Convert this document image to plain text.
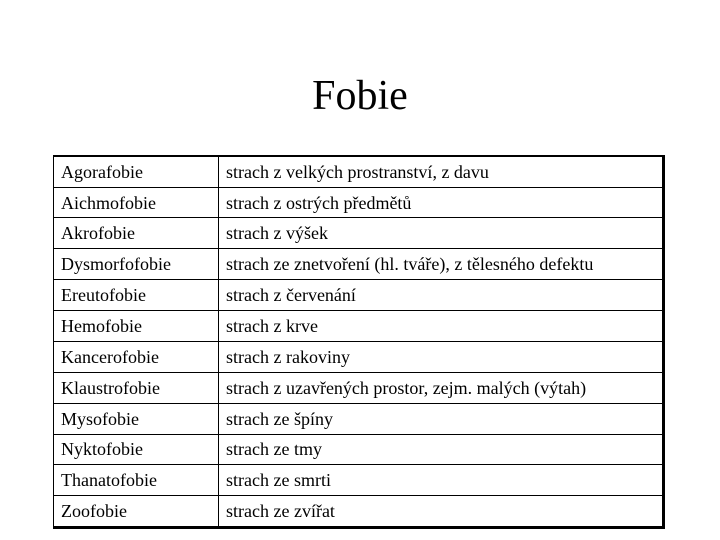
Fobie
Agorafobie	strach z velkých prostranství, z davu
Aichmofobie	strach z ostrých předmětů
Akrofobie	strach z výšek
Dysmorfofobie	strach ze znetvoření (hl. tváře), z tělesného defektu
Ereutofobie	strach z červenání
Hemofobie	strach z krve
Kancerofobie	strach z rakoviny
Klaustrofobie	strach z uzavřených prostor, zejm. malých (výtah)
Mysofobie	strach ze špíny
Nyktofobie	strach ze tmy
Thanatofobie	strach ze smrti
Zoofobie	strach ze zvířat
